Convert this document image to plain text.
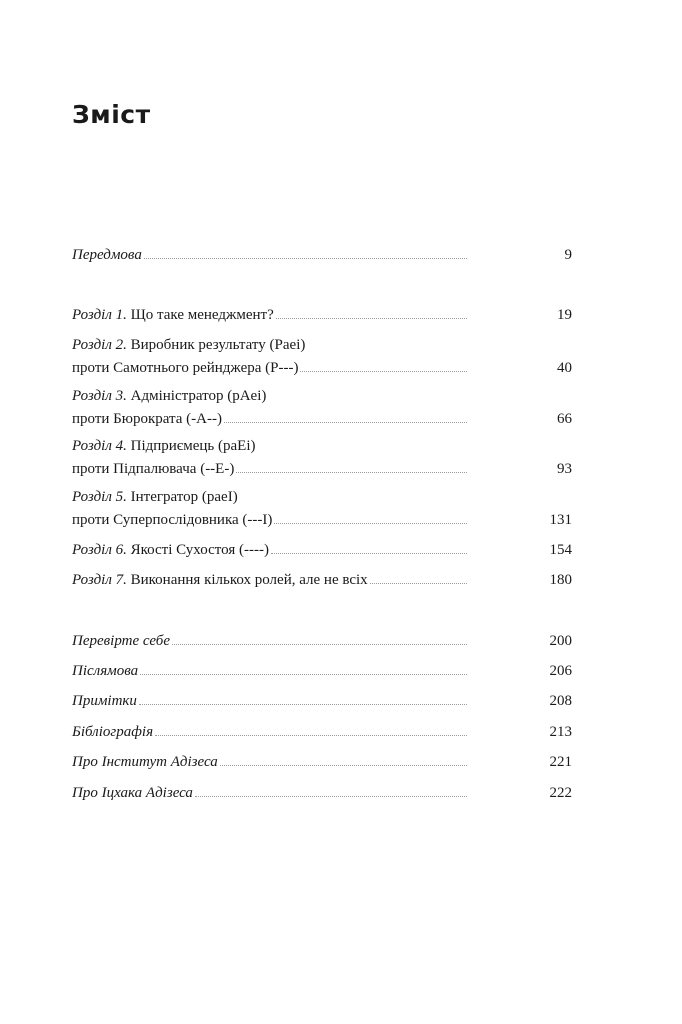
Зміст
Передмова	9
Розділ 1. Що таке менеджмент?	19
Розділ 2. Виробник результату (Paei)
проти Самотнього рейнджера (P---)	40
Розділ 3. Адміністратор (pAei)
проти Бюрократа (-A--)	66
Розділ 4. Підприємець (paEi)
проти Підпалювача (--E-)	93
Розділ 5. Інтегратор (paeI)
проти Суперпослідовника (---I)	131
Розділ 6. Якості Сухостоя (----)	154
Розділ 7. Виконання кількох ролей, але не всіх	180
Перевірте себе	200
Післямова	206
Примітки	208
Бібліографія	213
Про Інститут Адізеса	221
Про Іцхака Адізеса	222
